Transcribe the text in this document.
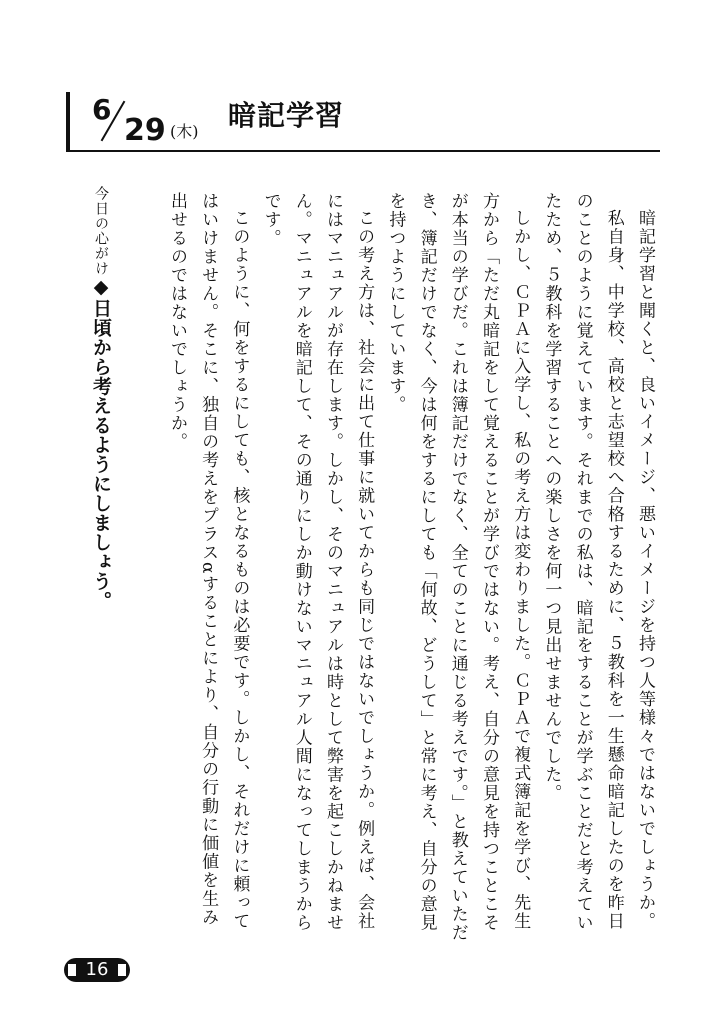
6
29 (木) 暗記学習
今日の心がけ◆日頃から考えるようにしましょう。	暗記学習と聞くと、良いイメージ、悪いイメージを持つ人等様々ではないでしょうか。

私自身、中学校、高校と志望校へ合格するために、５教科を一生懸命暗記したのを昨日のことのように覚えています。それまでの私は、暗記をすることが学ぶことだと考えていたため、５教科を学習することへの楽しさを何一つ見出せませんでした。

しかし、ＣＰＡに入学し、私の考え方は変わりました。ＣＰＡで複式簿記を学び、先生方から「ただ丸暗記をして覚えることが学びではない。考え、自分の意見を持つことこそが本当の学びだ。これは簿記だけでなく、全てのことに通じる考えです。」と教えていただき、簿記だけでなく、今は何をするにしても「何故、どうして」と常に考え、自分の意見を持つようにしています。

この考え方は、社会に出て仕事に就いてからも同じではないでしょうか。例えば、会社にはマニュアルが存在します。しかし、そのマニュアルは時として弊害を起こしかねません。マニュアルを暗記して、その通りにしか動けないマニュアル人間になってしまうからです。

このように、何をするにしても、核となるものは必要です。しかし、それだけに頼ってはいけません。そこに、独自の考えをプラスαすることにより、自分の行動に価値を生み出せるのではないでしょうか。

16
